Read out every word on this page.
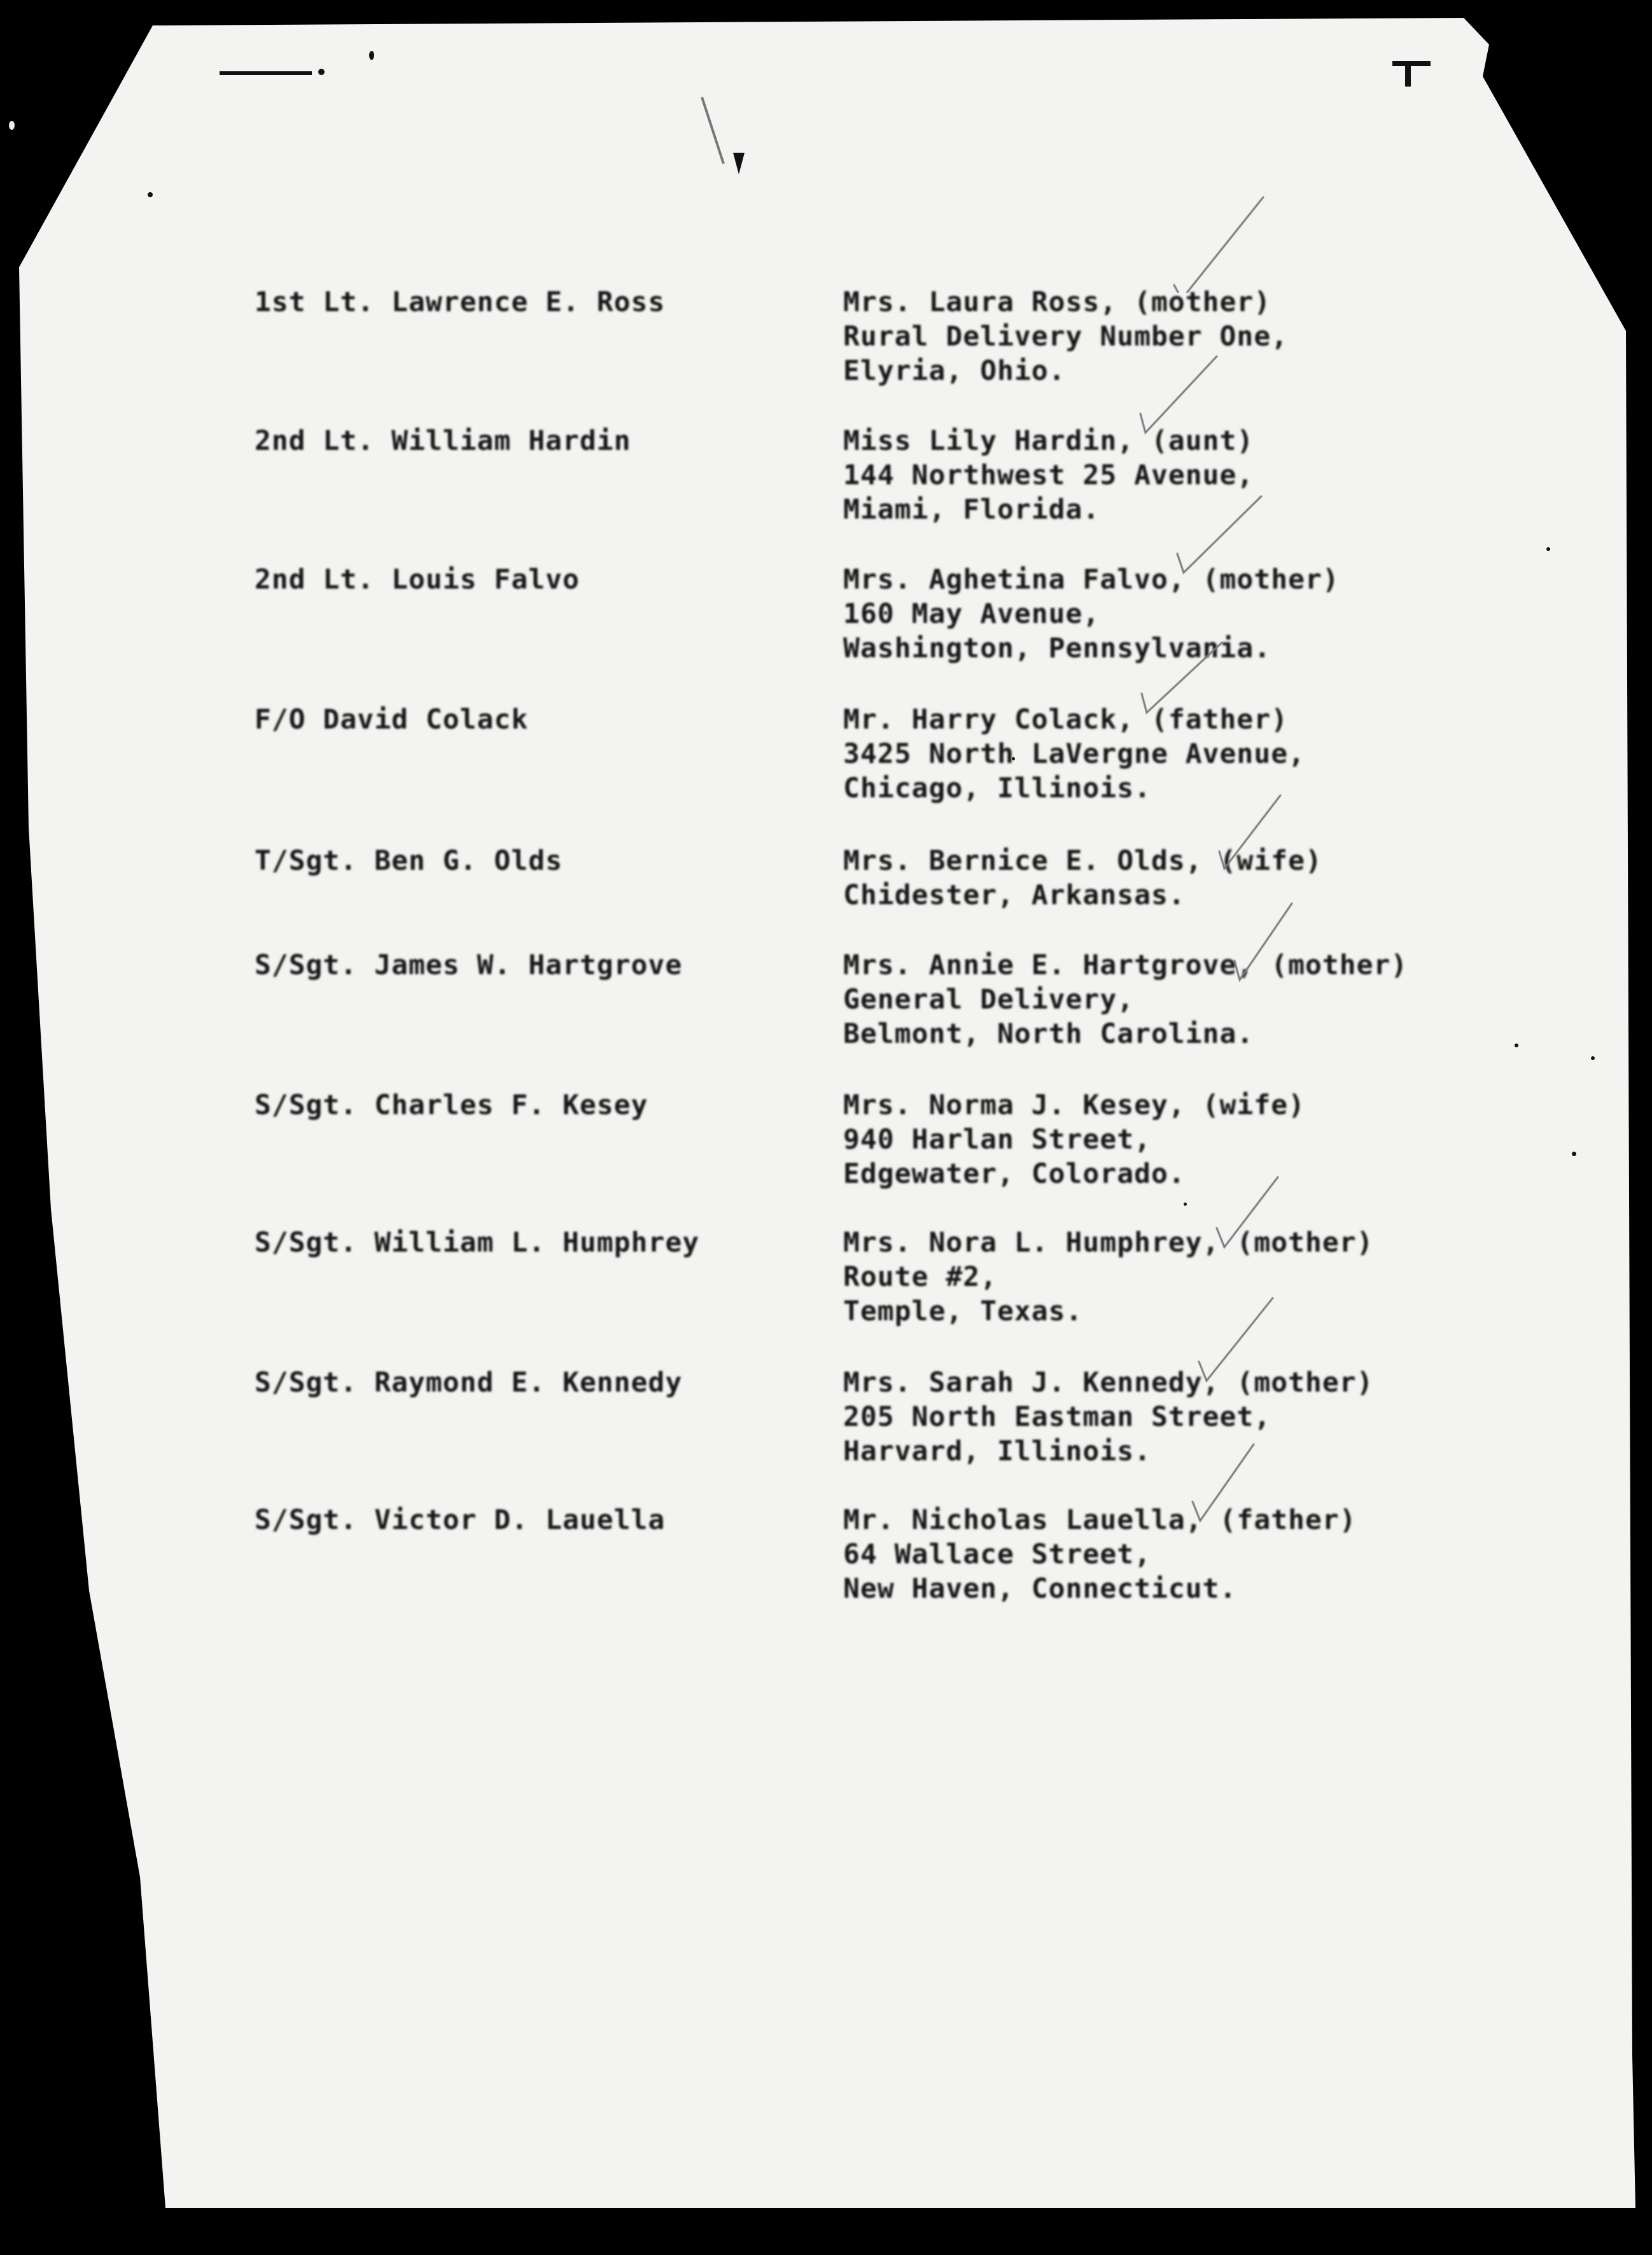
1st Lt. Lawrence E. Ross	Mrs. Laura Ross, (mother)
Rural Delivery Number One,
Elyria, Ohio.
2nd Lt. William Hardin	Miss Lily Hardin, (aunt)
144 Northwest 25 Avenue,
Miami, Florida.
2nd Lt. Louis Falvo	Mrs. Aghetina Falvo, (mother)
160 May Avenue,
Washington, Pennsylvania.
F/O David Colack	Mr. Harry Colack, (father)
3425 North LaVergne Avenue,
Chicago, Illinois.
T/Sgt. Ben G. Olds	Mrs. Bernice E. Olds, (wife)
Chidester, Arkansas.
S/Sgt. James W. Hartgrove	Mrs. Annie E. Hartgrove, (mother)
General Delivery,
Belmont, North Carolina.
S/Sgt. Charles F. Kesey	Mrs. Norma J. Kesey, (wife)
940 Harlan Street,
Edgewater, Colorado.
S/Sgt. William L. Humphrey	Mrs. Nora L. Humphrey, (mother)
Route #2,
Temple, Texas.
S/Sgt. Raymond E. Kennedy	Mrs. Sarah J. Kennedy, (mother)
205 North Eastman Street,
Harvard, Illinois.
S/Sgt. Victor D. Lauella	Mr. Nicholas Lauella, (father)
64 Wallace Street,
New Haven, Connecticut.
